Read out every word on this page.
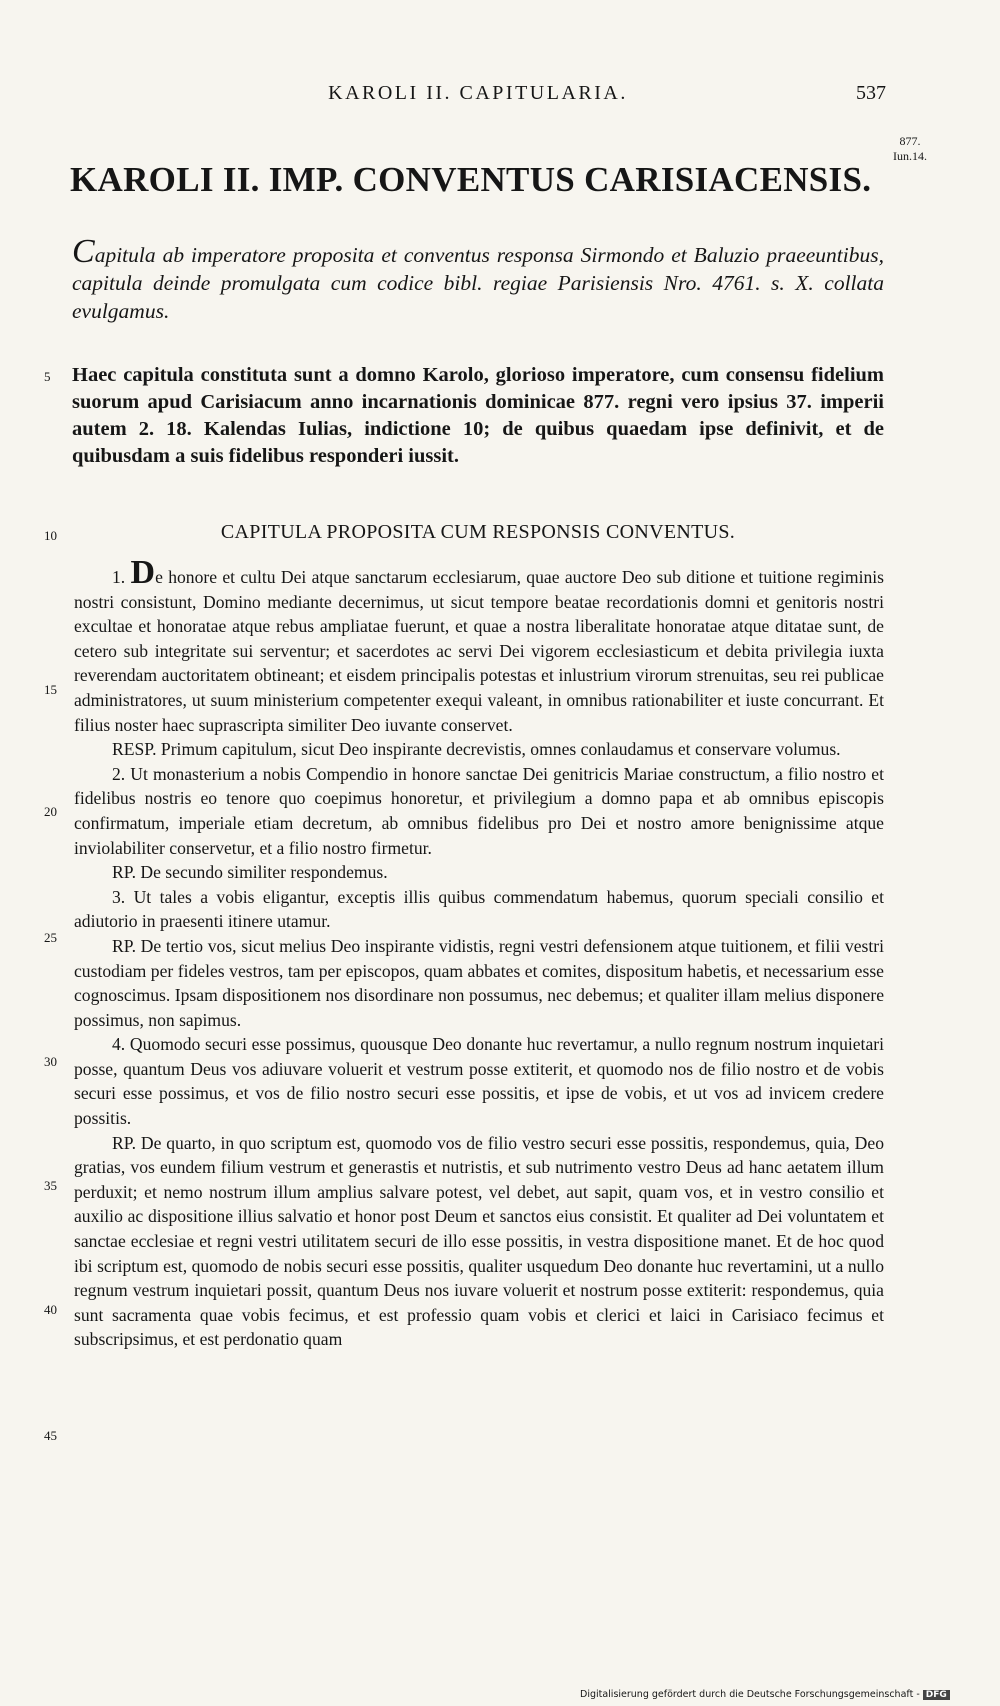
KAROLI II. CAPITULARIA.	537
877.
Iun.14.
KAROLI II. IMP. CONVENTUS CARISIACENSIS.

Capitula ab imperatore proposita et conventus responsa Sirmondo et Baluzio praeeuntibus, capitula deinde promulgata cum codice bibl. regiae Parisiensis Nro. 4761. s. X. collata evulgamus.

5	Haec capitula constituta sunt a domno Karolo, glorioso imperatore, cum consensu fidelium suorum apud Carisiacum anno incarnationis dominicae 877. regni vero ipsius 37. imperii autem 2. 18. Kalendas Iulias, indictione 10; de quibus quaedam ipse definivit, et de quibusdam a suis fidelibus responderi iussit.

10	CAPITULA PROPOSITA CUM RESPONSIS CONVENTUS.
15
20
25
30
35
40
45

1. De honore et cultu Dei atque sanctarum ecclesiarum, quae auctore Deo sub ditione et tuitione regiminis nostri consistunt, Domino mediante decernimus, ut sicut tempore beatae recordationis domni et genitoris nostri excultae et honoratae atque rebus ampliatae fuerunt, et quae a nostra liberalitate honoratae atque ditatae sunt, de cetero sub integritate sui serventur; et sacerdotes ac servi Dei vigorem ecclesiasticum et debita privilegia iuxta reverendam auctoritatem obtineant; et eisdem principalis potestas et inlustrium virorum strenuitas, seu rei publicae administratores, ut suum ministerium competenter exequi valeant, in omnibus rationabiliter et iuste concurrant. Et filius noster haec suprascripta similiter Deo iuvante conservet.

RESP. Primum capitulum, sicut Deo inspirante decrevistis, omnes conlaudamus et conservare volumus.

2. Ut monasterium a nobis Compendio in honore sanctae Dei genitricis Mariae constructum, a filio nostro et fidelibus nostris eo tenore quo coepimus honoretur, et privilegium a domno papa et ab omnibus episcopis confirmatum, imperiale etiam decretum, ab omnibus fidelibus pro Dei et nostro amore benignissime atque inviolabiliter conservetur, et a filio nostro firmetur.

RP. De secundo similiter respondemus.

3. Ut tales a vobis eligantur, exceptis illis quibus commendatum habemus, quorum speciali consilio et adiutorio in praesenti itinere utamur.

RP. De tertio vos, sicut melius Deo inspirante vidistis, regni vestri defensionem atque tuitionem, et filii vestri custodiam per fideles vestros, tam per episcopos, quam abbates et comites, dispositum habetis, et necessarium esse cognoscimus. Ipsam dispositionem nos disordinare non possumus, nec debemus; et qualiter illam melius disponere possimus, non sapimus.

4. Quomodo securi esse possimus, quousque Deo donante huc revertamur, a nullo regnum nostrum inquietari posse, quantum Deus vos adiuvare voluerit et vestrum posse extiterit, et quomodo nos de filio nostro et de vobis securi esse possimus, et vos de filio nostro securi esse possitis, et ipse de vobis, et ut vos ad invicem credere possitis.

RP. De quarto, in quo scriptum est, quomodo vos de filio vestro securi esse possitis, respondemus, quia, Deo gratias, vos eundem filium vestrum et generastis et nutristis, et sub nutrimento vestro Deus ad hanc aetatem illum perduxit; et nemo nostrum illum amplius salvare potest, vel debet, aut sapit, quam vos, et in vestro consilio et auxilio ac dispositione illius salvatio et honor post Deum et sanctos eius consistit. Et qualiter ad Dei voluntatem et sanctae ecclesiae et regni vestri utilitatem securi de illo esse possitis, in vestra dispositione manet. Et de hoc quod ibi scriptum est, quomodo de nobis securi esse possitis, qualiter usquedum Deo donante huc revertamini, ut a nullo regnum vestrum inquietari possit, quantum Deus nos iuvare voluerit et nostrum posse extiterit: respondemus, quia sunt sacramenta quae vobis fecimus, et est professio quam vobis et clerici et laici in Carisiaco fecimus et subscripsimus, et est perdonatio quam

Digitalisierung gefördert durch die Deutsche Forschungsgemeinschaft - DFG
